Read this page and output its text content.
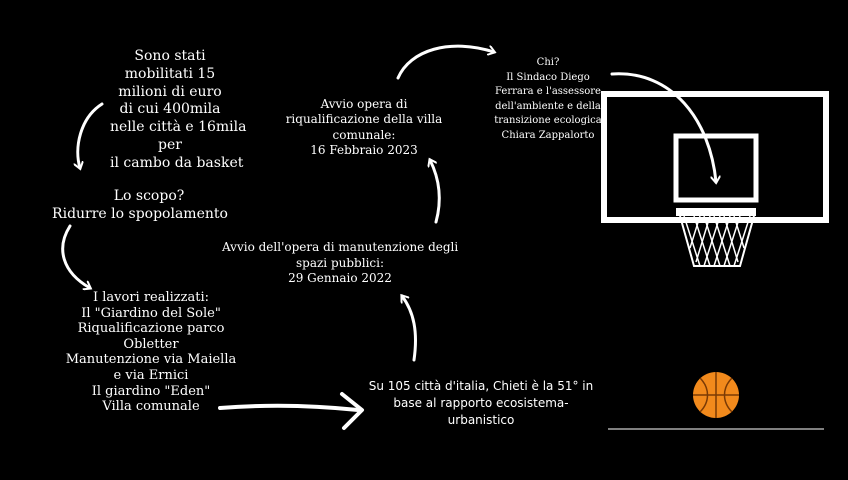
Sono stati
mobilitati 15
milioni di euro
di cui 400mila
nelle città e 16mila
per
il cambo da basket
Lo scopo?
Ridurre lo spopolamento
I lavori realizzati:
Il "Giardino del Sole"
Riqualificazione parco
Obletter
Manutenzione via Maiella
e via Ernici
Il giardino "Eden"
Villa comunale
Su 105 città d'italia, Chieti è la 51° in
base al rapporto ecosistema-
urbanistico
Avvio dell'opera di manutenzione degli
spazi pubblici:
29 Gennaio 2022
Avvio opera di
riqualificazione della villa
comunale:
16 Febbraio 2023
Chi?
Il Sindaco Diego
Ferrara e l'assessore
dell'ambiente e della
transizione ecologica
Chiara Zappalorto
